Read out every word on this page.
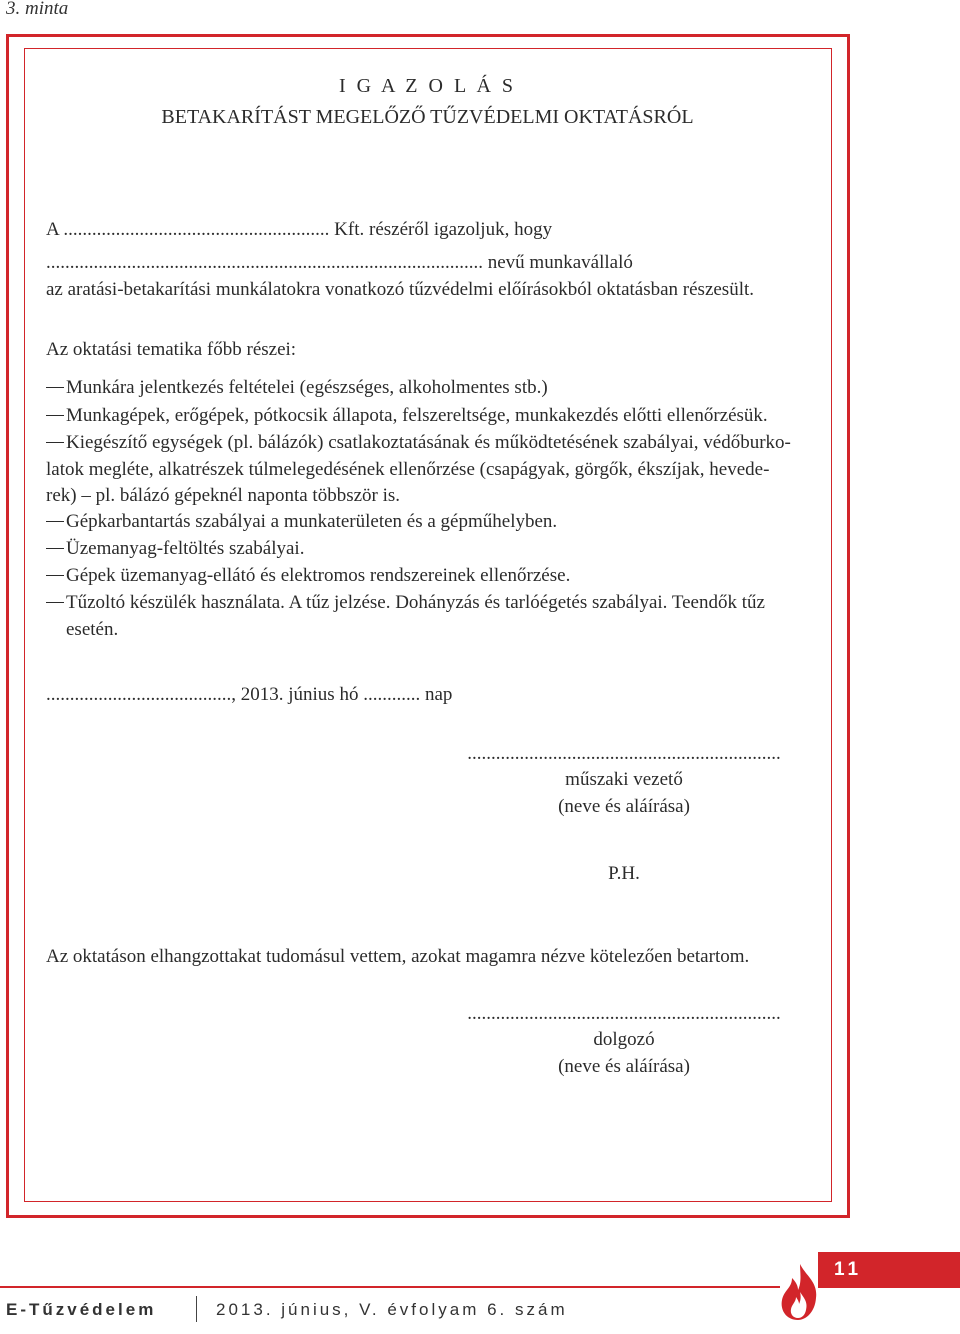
3. minta
I G A Z O L Á S
BETAKARÍTÁST MEGELŐZŐ TŰZVÉDELMI OKTATÁSRÓL
A ........................................................ Kft. részéről igazoljuk, hogy
............................................................................................ nevű munkavállaló
az aratási-betakarítási munkálatokra vonatkozó tűzvédelmi előírásokból oktatásban részesült.
Az oktatási tematika főbb részei:
Munkára jelentkezés feltételei (egészséges, alkoholmentes stb.)
Munkagépek, erőgépek, pótkocsik állapota, felszereltsége, munkakezdés előtti ellenőrzésük.
Kiegészítő egységek (pl. bálázók) csatlakoztatásának és működtetésének szabályai, védőburko-
latok megléte, alkatrészek túlmelegedésének ellenőrzése (csapágyak, görgők, ékszíjak, hevede-
rek) – pl. bálázó gépeknél naponta többször is.
Gépkarbantartás szabályai a munkaterületen és a gépműhelyben.
Üzemanyag-feltöltés szabályai.
Gépek üzemanyag-ellátó és elektromos rendszereinek ellenőrzése.
Tűzoltó készülék használata. A tűz jelzése. Dohányzás és tarlóégetés szabályai. Teendők tűz
esetén.
......................................., 2013. június hó ............ nap
..................................................................
műszaki vezető
(neve és aláírása)
P.H.
Az oktatáson elhangzottakat tudomásul vettem, azokat magamra nézve kötelezően betartom.
..................................................................
dolgozó
(neve és aláírása)
11
E-Tűzvédelem	2013. június, V. évfolyam 6. szám
